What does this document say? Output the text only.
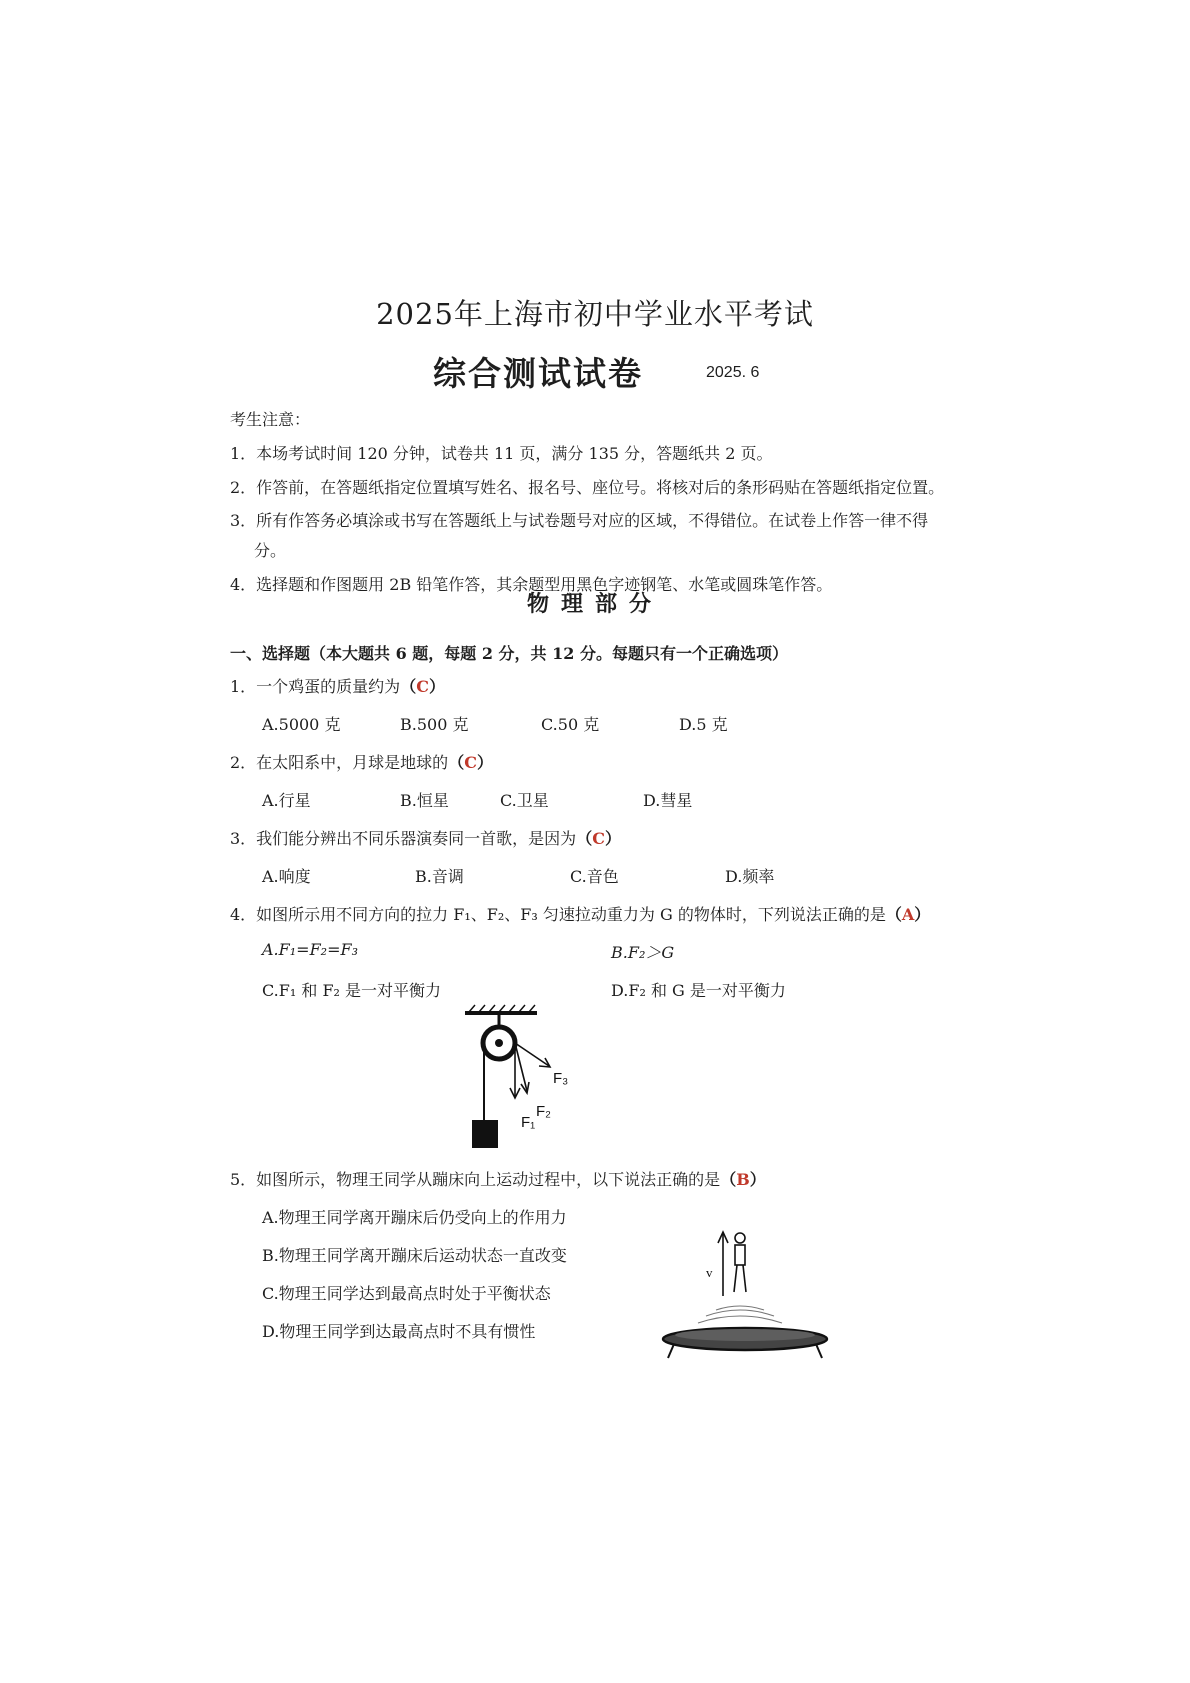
2025年上海市初中学业水平考试
综合测试试卷	2025. 6
考生注意：
1．本场考试时间 120 分钟，试卷共 11 页，满分 135 分，答题纸共 2 页。
2．作答前，在答题纸指定位置填写姓名、报名号、座位号。将核对后的条形码贴在答题纸指定位置。
3．所有作答务必填涂或书写在答题纸上与试卷题号对应的区域，不得错位。在试卷上作答一律不得
分。
4．选择题和作图题用 2B 铅笔作答，其余题型用黑色字迹钢笔、水笔或圆珠笔作答。
物理部分
一、选择题（本大题共 6 题，每题 2 分，共 12 分。每题只有一个正确选项）
1．一个鸡蛋的质量约为（C）
A.5000 克	B.500 克	C.50 克	D.5 克
2．在太阳系中，月球是地球的（C）
A.行星	B.恒星	C.卫星	D.彗星
3．我们能分辨出不同乐器演奏同一首歌，是因为（C）
A.响度	B.音调	C.音色	D.频率
4．如图所示用不同方向的拉力 F₁、F₂、F₃ 匀速拉动重力为 G 的物体时，下列说法正确的是（A）
A.F₁=F₂=F₃	B.F₂＞G
C.F₁ 和 F₂ 是一对平衡力	D.F₂ 和 G 是一对平衡力
F₁
F₂
F₃
5．如图所示，物理王同学从蹦床向上运动过程中，以下说法正确的是（B）
A.物理王同学离开蹦床后仍受向上的作用力
B.物理王同学离开蹦床后运动状态一直改变
C.物理王同学达到最高点时处于平衡状态
D.物理王同学到达最高点时不具有惯性
v
